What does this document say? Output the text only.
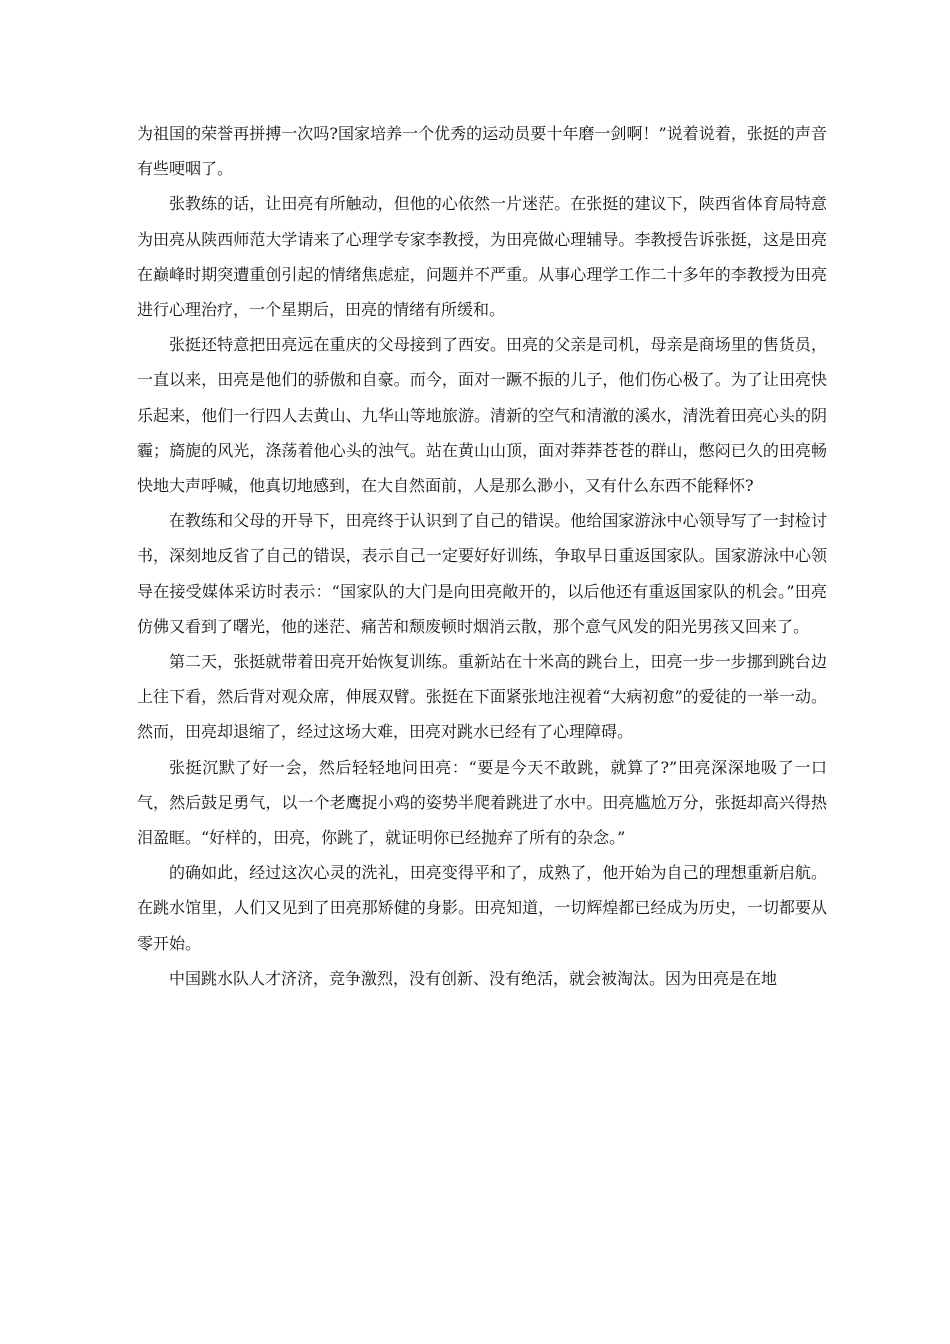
为祖国的荣誉再拼搏一次吗?国家培养一个优秀的运动员要十年磨一剑啊！”说着说着，张挺的声音有些哽咽了。

张教练的话，让田亮有所触动，但他的心依然一片迷茫。在张挺的建议下，陕西省体育局特意为田亮从陕西师范大学请来了心理学专家李教授，为田亮做心理辅导。李教授告诉张挺，这是田亮在巅峰时期突遭重创引起的情绪焦虑症，问题并不严重。从事心理学工作二十多年的李教授为田亮进行心理治疗，一个星期后，田亮的情绪有所缓和。

张挺还特意把田亮远在重庆的父母接到了西安。田亮的父亲是司机，母亲是商场里的售货员，一直以来，田亮是他们的骄傲和自豪。而今，面对一蹶不振的儿子，他们伤心极了。为了让田亮快乐起来，他们一行四人去黄山、九华山等地旅游。清新的空气和清澈的溪水，清洗着田亮心头的阴霾；旖旎的风光，涤荡着他心头的浊气。站在黄山山顶，面对莽莽苍苍的群山，憋闷已久的田亮畅快地大声呼喊，他真切地感到，在大自然面前，人是那么渺小，又有什么东西不能释怀?

在教练和父母的开导下，田亮终于认识到了自己的错误。他给国家游泳中心领导写了一封检讨书，深刻地反省了自己的错误，表示自己一定要好好训练，争取早日重返国家队。国家游泳中心领导在接受媒体采访时表示：“国家队的大门是向田亮敞开的，以后他还有重返国家队的机会。”田亮仿佛又看到了曙光，他的迷茫、痛苦和颓废顿时烟消云散，那个意气风发的阳光男孩又回来了。

第二天，张挺就带着田亮开始恢复训练。重新站在十米高的跳台上，田亮一步一步挪到跳台边上往下看，然后背对观众席，伸展双臂。张挺在下面紧张地注视着“大病初愈”的爱徒的一举一动。然而，田亮却退缩了，经过这场大难，田亮对跳水已经有了心理障碍。

张挺沉默了好一会，然后轻轻地问田亮：“要是今天不敢跳，就算了?”田亮深深地吸了一口气，然后鼓足勇气，以一个老鹰捉小鸡的姿势半爬着跳进了水中。田亮尴尬万分，张挺却高兴得热泪盈眶。“好样的，田亮，你跳了，就证明你已经抛弃了所有的杂念。”

的确如此，经过这次心灵的洗礼，田亮变得平和了，成熟了，他开始为自己的理想重新启航。在跳水馆里，人们又见到了田亮那矫健的身影。田亮知道，一切辉煌都已经成为历史，一切都要从零开始。

中国跳水队人才济济，竞争激烈，没有创新、没有绝活，就会被淘汰。因为田亮是在地
